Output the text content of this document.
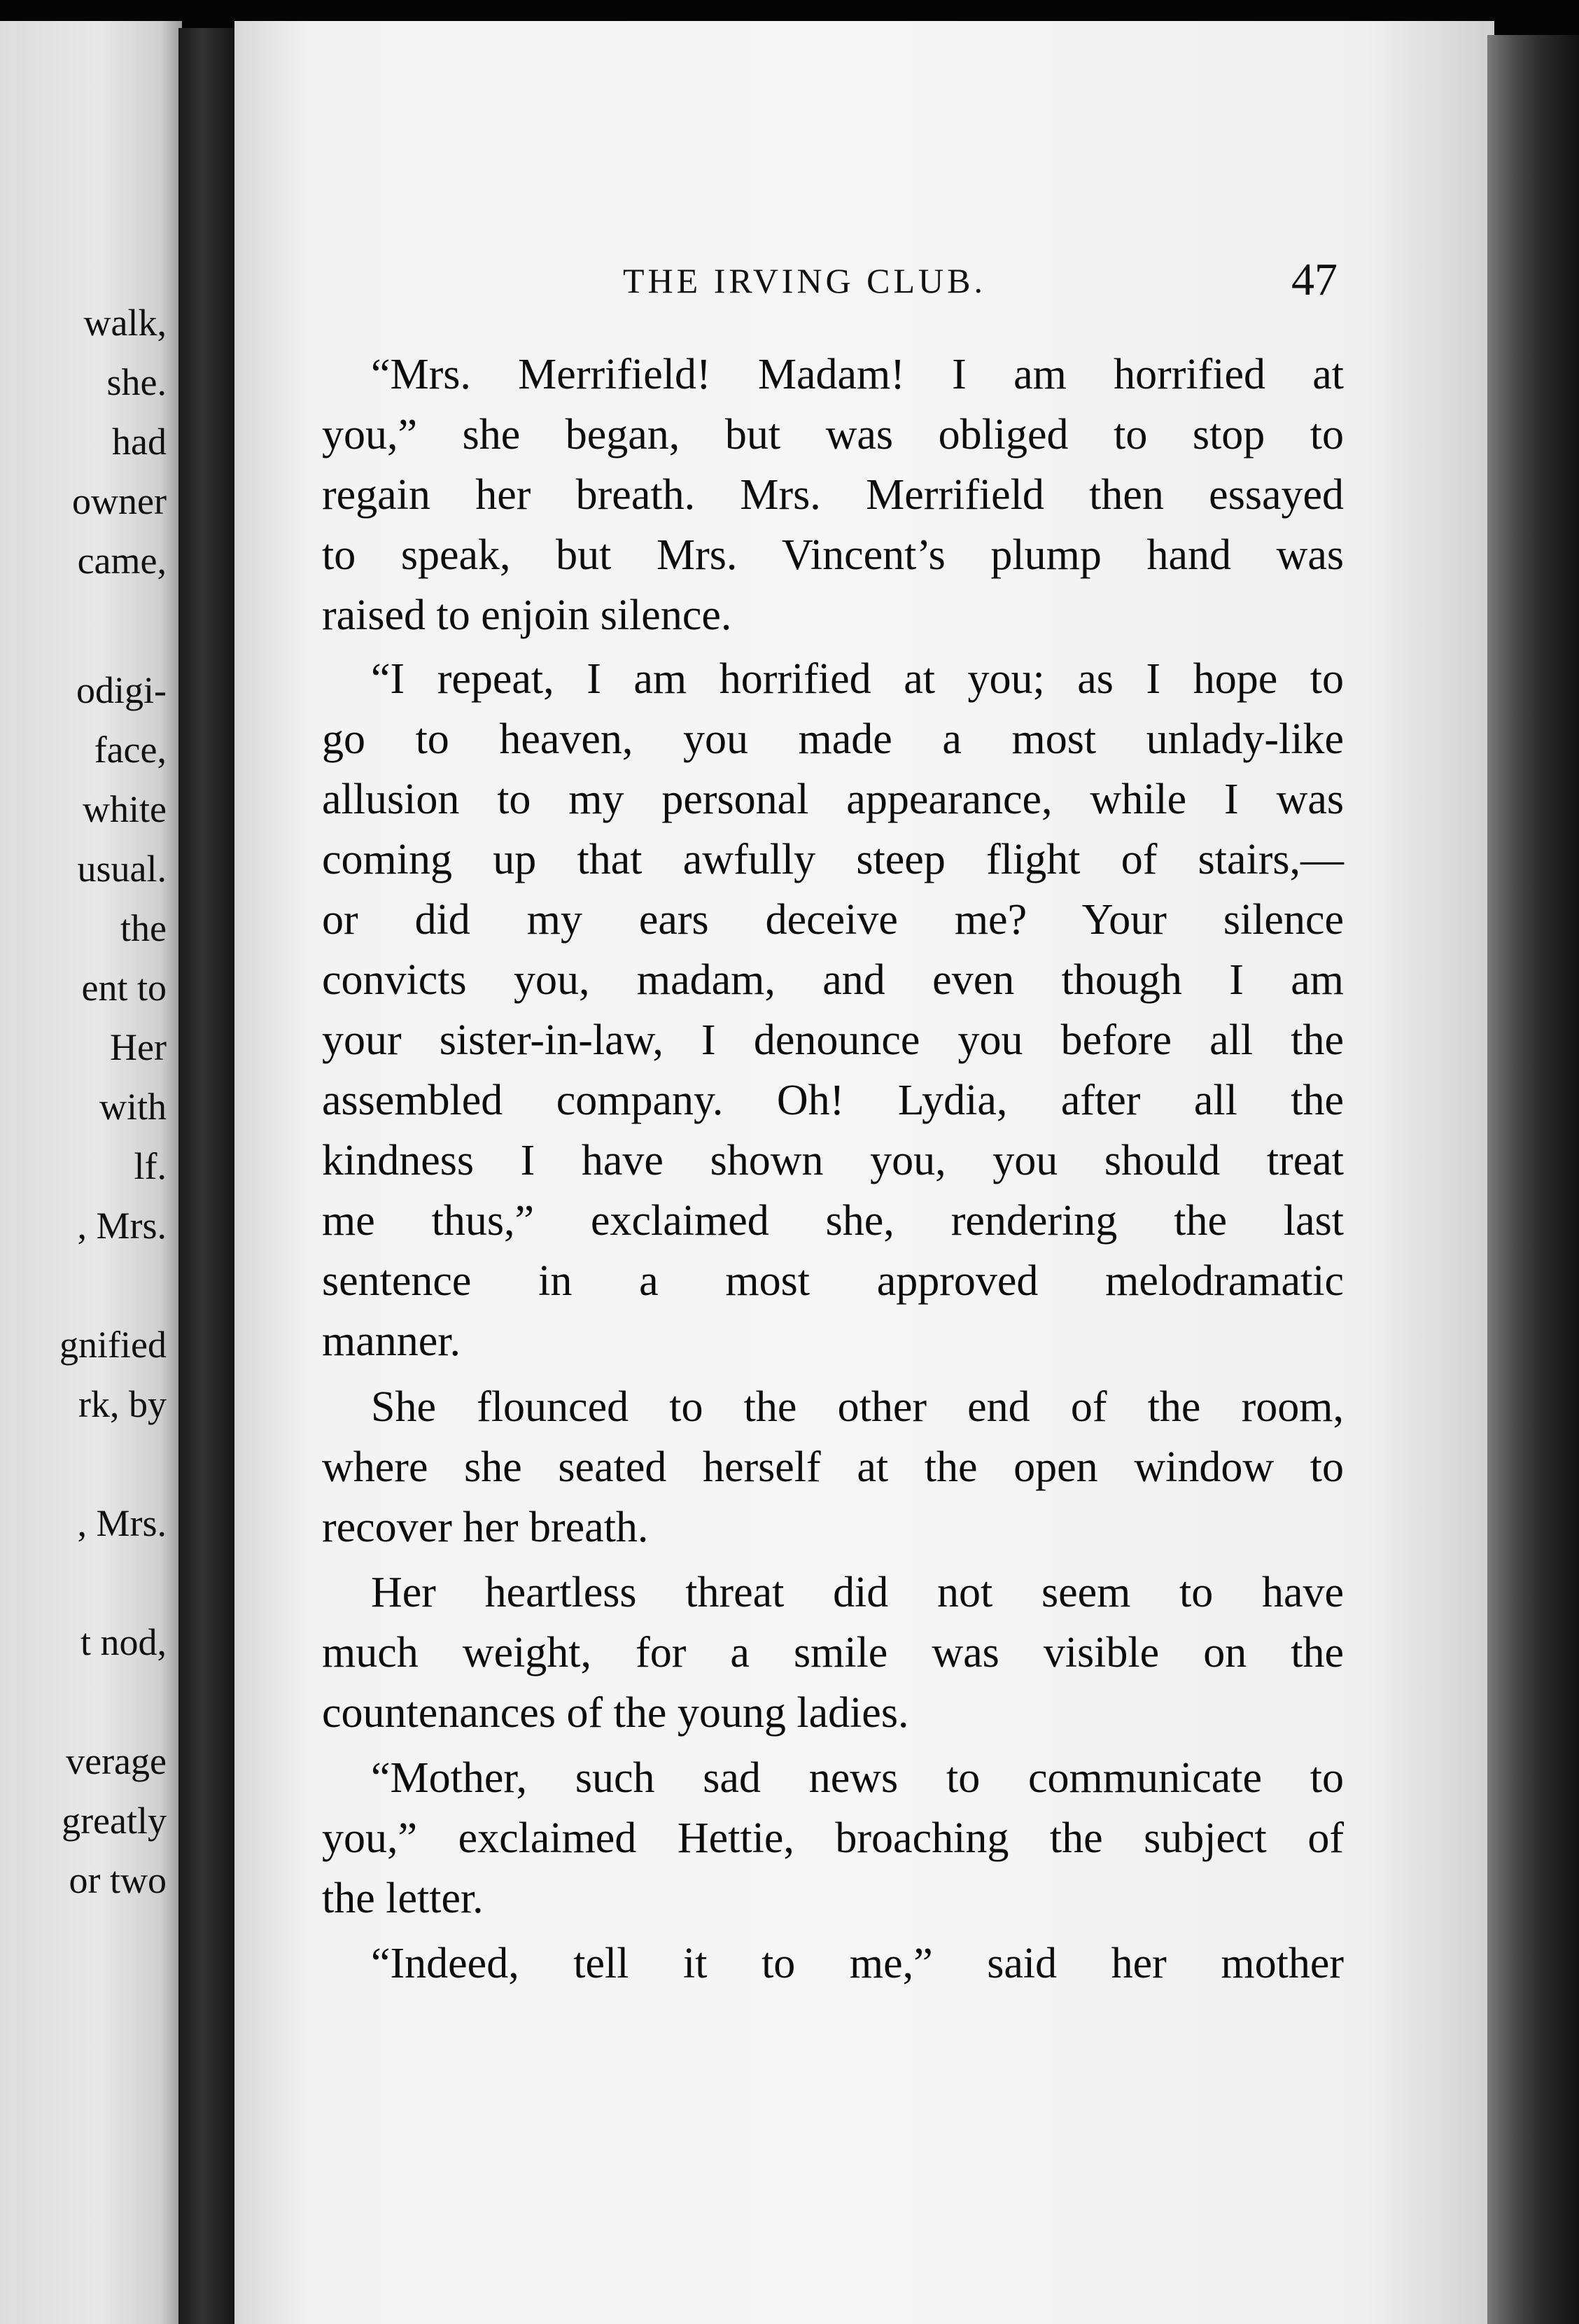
walk,
she.
had
owner
came,
odigi-
face,
white
usual.
the
ent to
Her
with
lf.
, Mrs.
gnified
rk, by
, Mrs.
t nod,
verage
greatly
or two
THE IRVING CLUB.	47
“Mrs. Merrifield! Madam! I am horrified at
you,” she began, but was obliged to stop to
regain her breath. Mrs. Merrifield then essayed
to speak, but Mrs. Vincent’s plump hand was
raised to enjoin silence.
“I repeat, I am horrified at you; as I hope to
go to heaven, you made a most unlady-like
allusion to my personal appearance, while I was
coming up that awfully steep flight of stairs,—
or did my ears deceive me? Your silence
convicts you, madam, and even though I am
your sister-in-law, I denounce you before all the
assembled company. Oh! Lydia, after all the
kindness I have shown you, you should treat
me thus,” exclaimed she, rendering the last
sentence in a most approved melodramatic
manner.
She flounced to the other end of the room,
where she seated herself at the open window to
recover her breath.
Her heartless threat did not seem to have
much weight, for a smile was visible on the
countenances of the young ladies.
“Mother, such sad news to communicate to
you,” exclaimed Hettie, broaching the subject of
the letter.
“Indeed, tell it to me,” said her mother
